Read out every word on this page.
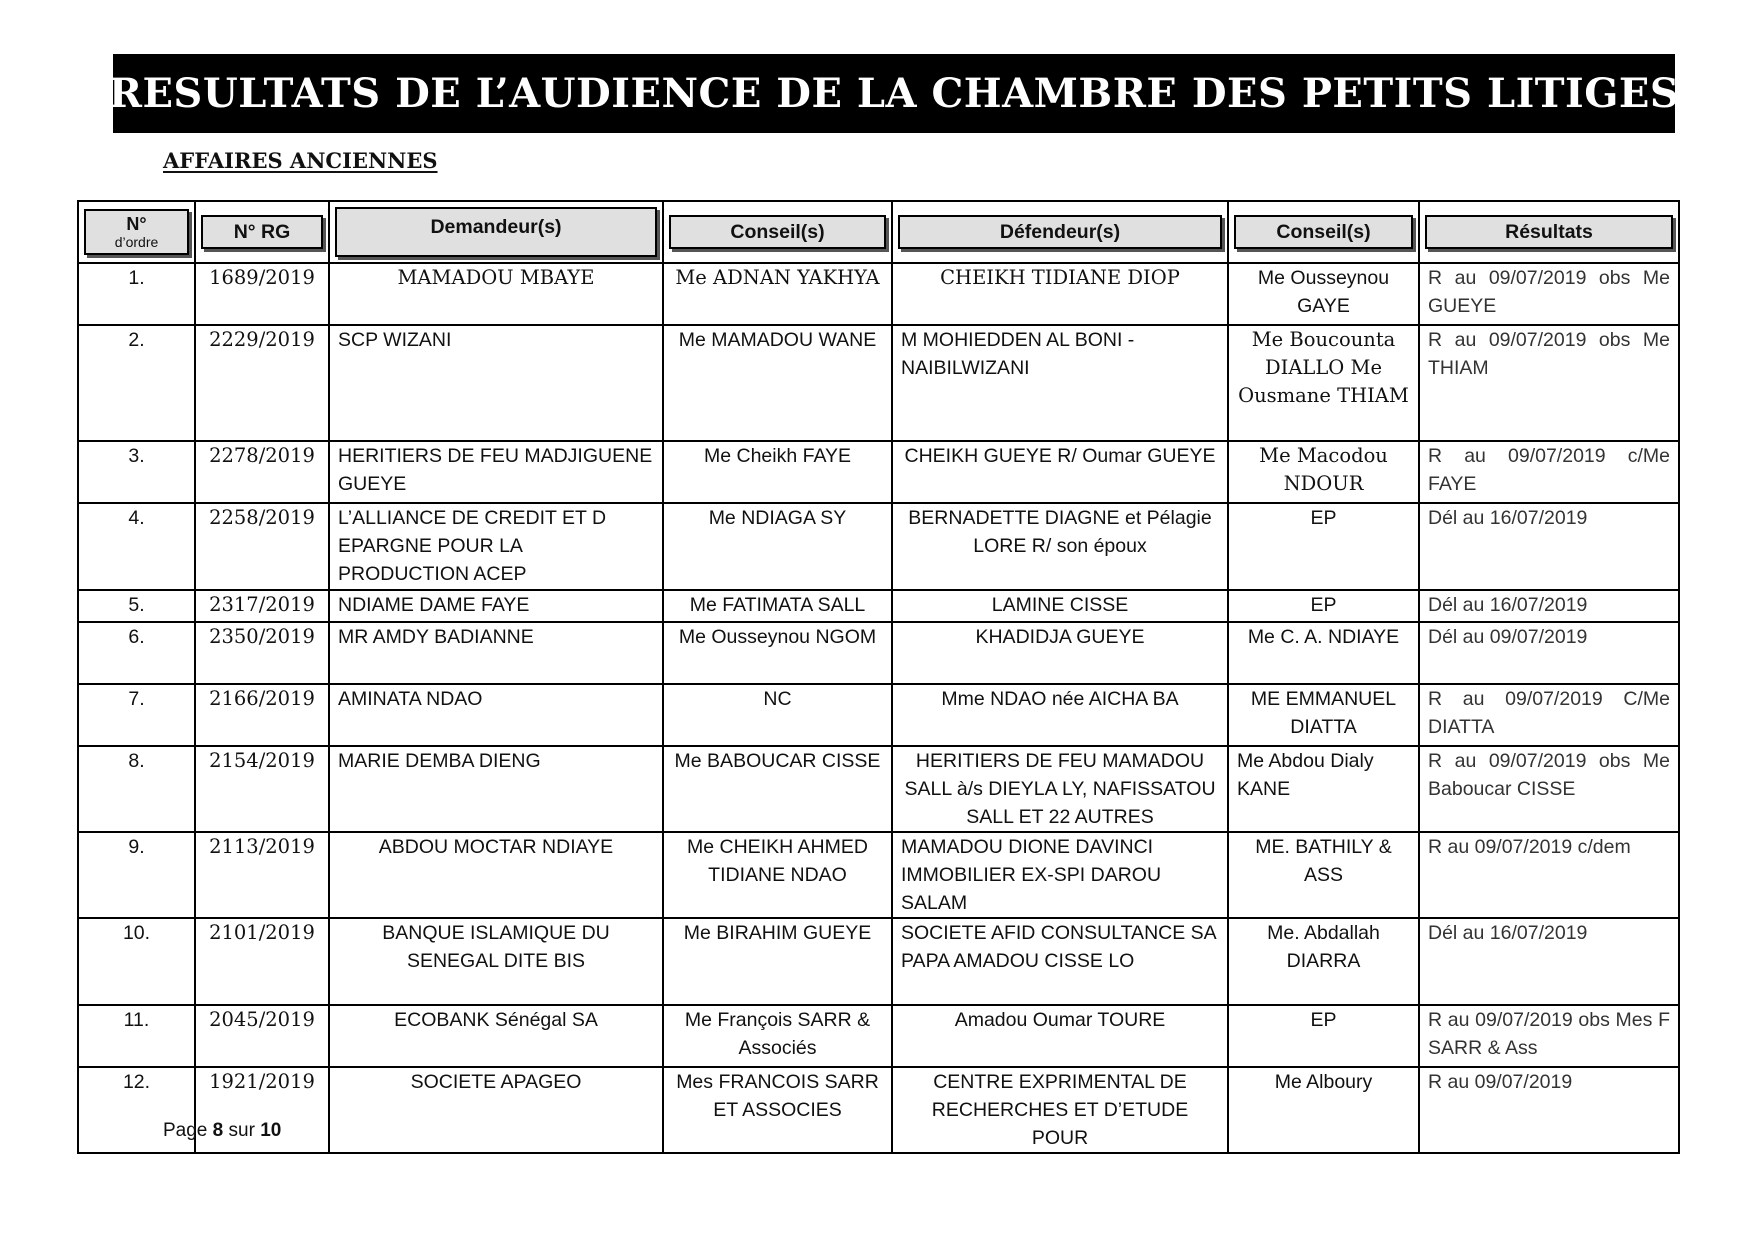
RESULTATS DE L’AUDIENCE DE LA CHAMBRE DES PETITS LITIGES
AFFAIRES ANCIENNES
N°
d’ordre	N° RG	Demandeur(s)	Conseil(s)	Défendeur(s)	Conseil(s)	Résultats

1.	1689/2019	MAMADOU MBAYE	Me ADNAN YAKHYA	CHEIKH TIDIANE DIOP	Me Ousseynou GAYE	R au 09/07/2019 obs Me GUEYE
2.	2229/2019	SCP WIZANI	Me MAMADOU WANE	M MOHIEDDEN AL BONI - NAIBILWIZANI	Me Boucounta DIALLO Me Ousmane THIAM	R au 09/07/2019 obs Me THIAM
3.	2278/2019	HERITIERS DE FEU MADJIGUENE GUEYE	Me Cheikh FAYE	CHEIKH GUEYE R/ Oumar GUEYE	Me Macodou NDOUR	R au 09/07/2019 c/Me FAYE
4.	2258/2019	L’ALLIANCE DE CREDIT ET D EPARGNE POUR LA PRODUCTION ACEP	Me NDIAGA SY	BERNADETTE DIAGNE et Pélagie LORE R/ son époux	EP	Dél au 16/07/2019
5.	2317/2019	NDIAME DAME FAYE	Me FATIMATA SALL	LAMINE CISSE	EP	Dél au 16/07/2019
6.	2350/2019	MR AMDY BADIANNE	Me Ousseynou NGOM	KHADIDJA GUEYE	Me C. A. NDIAYE	Dél au 09/07/2019
7.	2166/2019	AMINATA NDAO	NC	Mme NDAO née AICHA BA	ME EMMANUEL DIATTA	R au 09/07/2019 C/Me DIATTA
8.	2154/2019	MARIE DEMBA DIENG	Me BABOUCAR CISSE	HERITIERS DE FEU MAMADOU SALL à/s DIEYLA LY, NAFISSATOU SALL ET 22 AUTRES	Me Abdou Dialy KANE	R au 09/07/2019 obs Me Baboucar CISSE
9.	2113/2019	ABDOU MOCTAR NDIAYE	Me CHEIKH AHMED TIDIANE NDAO	MAMADOU DIONE DAVINCI IMMOBILIER EX-SPI DAROU SALAM	ME. BATHILY & ASS	R au 09/07/2019 c/dem
10.	2101/2019	BANQUE ISLAMIQUE DU SENEGAL DITE BIS	Me BIRAHIM GUEYE	SOCIETE AFID CONSULTANCE SA PAPA AMADOU CISSE LO	Me. Abdallah DIARRA	Dél au 16/07/2019
11.	2045/2019	ECOBANK Sénégal SA	Me François SARR & Associés	Amadou Oumar TOURE	EP	R au 09/07/2019 obs Mes F SARR & Ass
12.	1921/2019	SOCIETE APAGEO	Mes FRANCOIS SARR ET ASSOCIES	CENTRE EXPRIMENTAL DE RECHERCHES ET D’ETUDE POUR	Me Alboury	R au 09/07/2019
Page 8 sur 10
